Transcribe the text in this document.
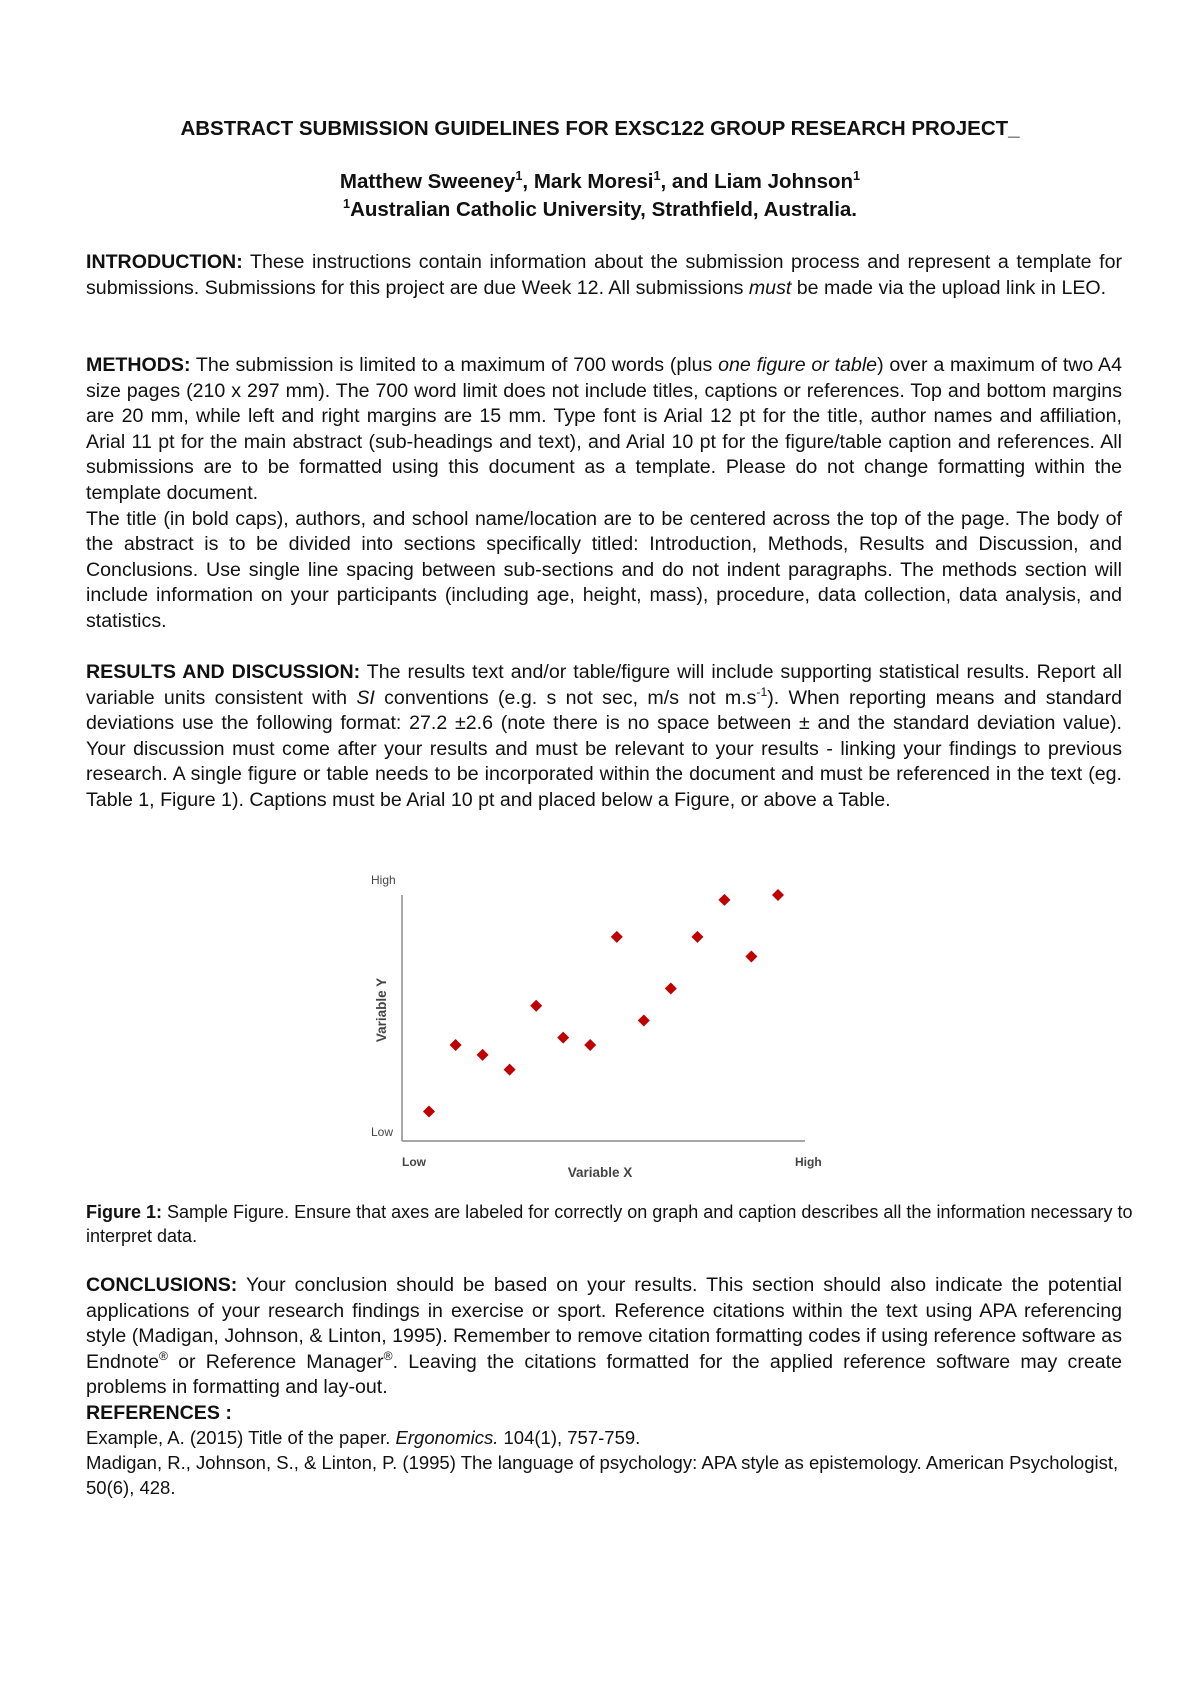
ABSTRACT SUBMISSION GUIDELINES FOR EXSC122 GROUP RESEARCH PROJECT_
Matthew Sweeney$^1$, Mark Moresi$^1$, and Liam Johnson$^1$
$^1$Australian Catholic University, Strathfield, Australia.

INTRODUCTION: These instructions contain information about the submission process and represent a template for submissions. Submissions for this project are due Week 12. All submissions must be made via the upload link in LEO.

METHODS: The submission is limited to a maximum of 700 words (plus one figure or table) over a maximum of two A4 size pages (210 x 297 mm). The 700 word limit does not include titles, captions or references. Top and bottom margins are 20 mm, while left and right margins are 15 mm. Type font is Arial 12 pt for the title, author names and affiliation, Arial 11 pt for the main abstract (sub-headings and text), and Arial 10 pt for the figure/table caption and references. All submissions are to be formatted using this document as a template. Please do not change formatting within the template document.

The title (in bold caps), authors, and school name/location are to be centered across the top of the page. The body of the abstract is to be divided into sections specifically titled: Introduction, Methods, Results and Discussion, and Conclusions. Use single line spacing between sub-sections and do not indent paragraphs. The methods section will include information on your participants (including age, height, mass), procedure, data collection, data analysis, and statistics.

RESULTS AND DISCUSSION: The results text and/or table/figure will include supporting statistical results. Report all variable units consistent with SI conventions (e.g. s not sec, m/s not $m.s^{-1}$). When reporting means and standard deviations use the following format: 27.2 ±2.6 (note there is no space between ± and the standard deviation value). Your discussion must come after your results and must be relevant to your results - linking your findings to previous research. A single figure or table needs to be incorporated within the document and must be referenced in the text (eg. Table 1, Figure 1). Captions must be Arial 10 pt and placed below a Figure, or above a Table.

High
Low
Low	High
Variable X
Variable Y
Figure 1: Sample Figure. Ensure that axes are labeled for correctly on graph and caption describes all the information necessary to interpret data.

CONCLUSIONS: Your conclusion should be based on your results. This section should also indicate the potential applications of your research findings in exercise or sport. Reference citations within the text using APA referencing style (Madigan, Johnson, & Linton, 1995). Remember to remove citation formatting codes if using reference software as Endnote® or Reference Manager®. Leaving the citations formatted for the applied reference software may create problems in formatting and lay-out.

REFERENCES :

Example, A. (2015) Title of the paper. Ergonomics. 104(1), 757-759.
Madigan, R., Johnson, S., & Linton, P. (1995) The language of psychology: APA style as epistemology. American Psychologist, 50(6), 428.
